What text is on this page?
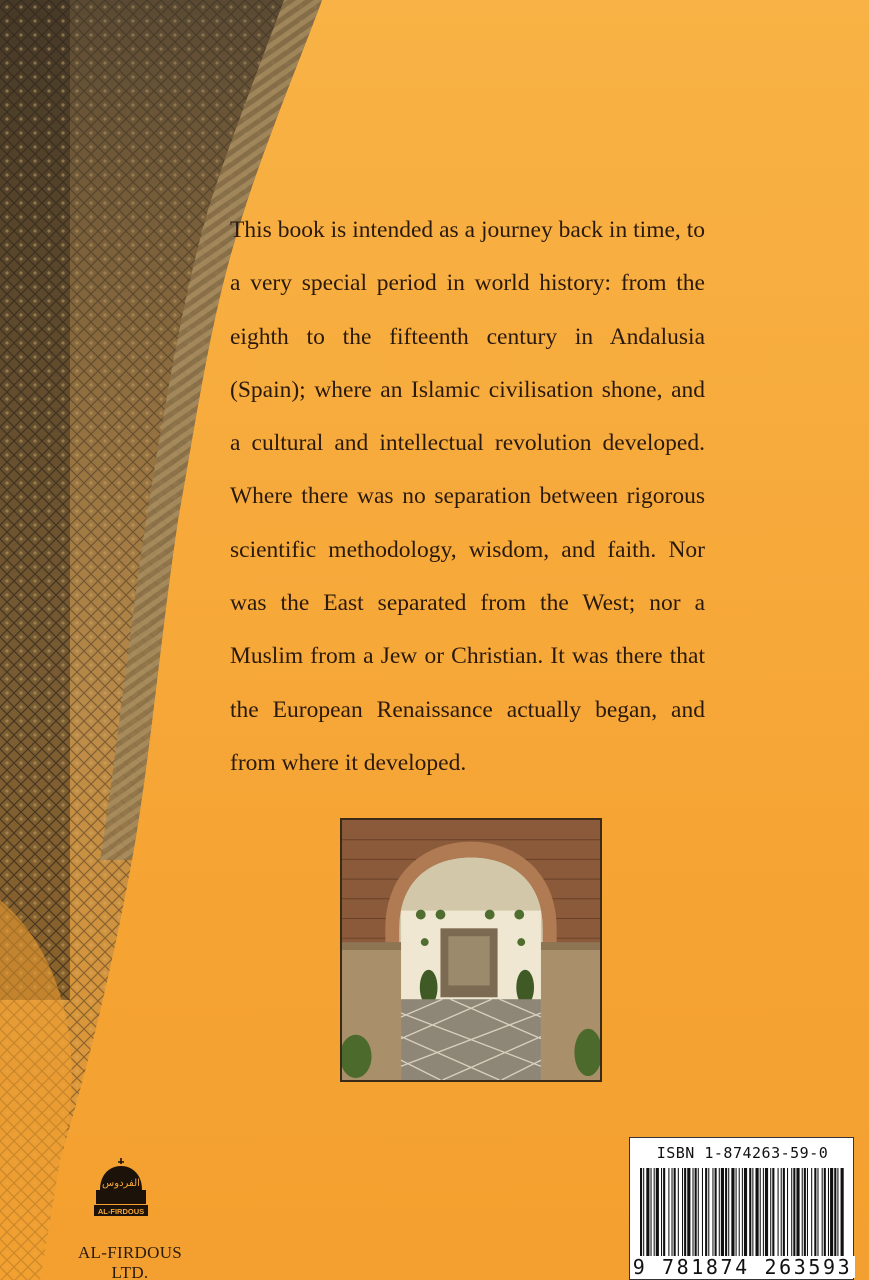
This book is intended as a journey back in time, to a very special period in world history: from the eighth to the fifteenth century in Andalusia (Spain); where an Islamic civilisation shone, and a cultural and intellectual revolution developed. Where there was no separation between rigorous scientific methodology, wisdom, and faith. Nor was the East separated from the West; nor a Muslim from a Jew or Christian. It was there that the European Renaissance actually began, and from where it developed.

الفردوس
AL-FIRDOUS
AL-FIRDOUS LTD.
ISBN 1-874263-59-0
9 781874 263593
